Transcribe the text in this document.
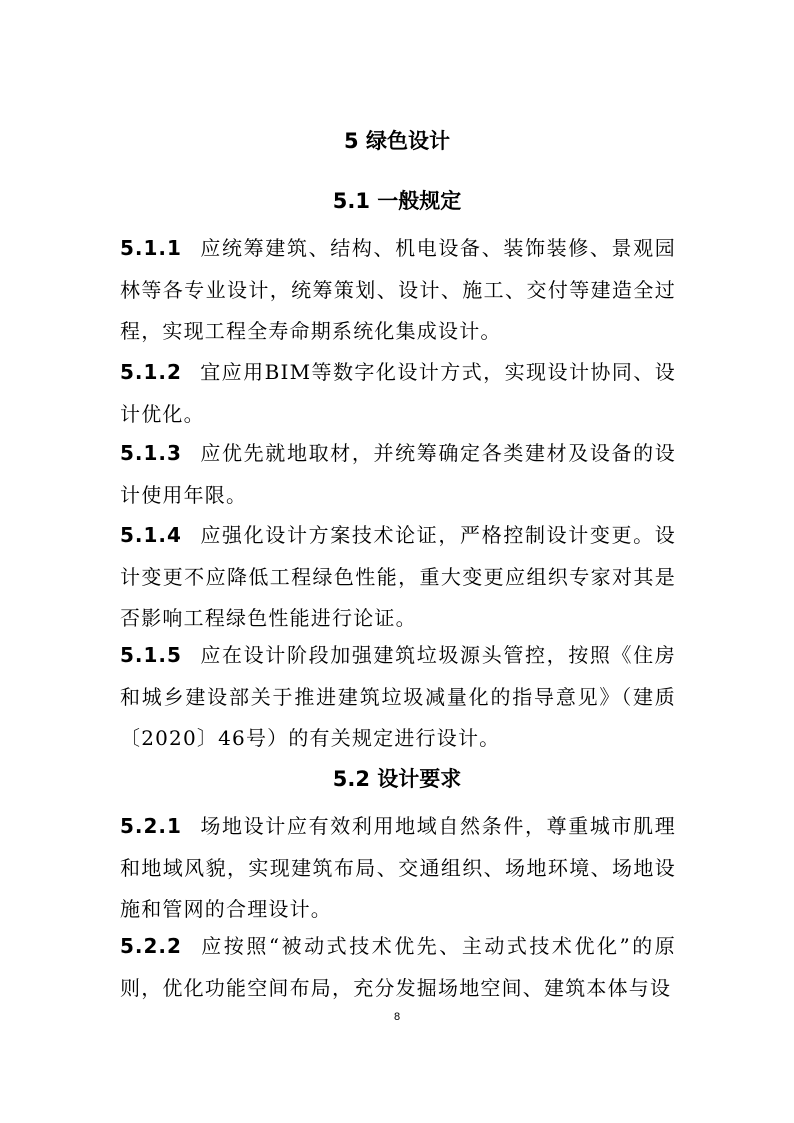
5 绿色设计
5.1 一般规定
5.1.1 应统筹建筑、结构、机电设备、装饰装修、景观园林等各专业设计，统筹策划、设计、施工、交付等建造全过程，实现工程全寿命期系统化集成设计。
5.1.2 宜应用BIM等数字化设计方式，实现设计协同、设计优化。
5.1.3 应优先就地取材，并统筹确定各类建材及设备的设计使用年限。
5.1.4 应强化设计方案技术论证，严格控制设计变更。设计变更不应降低工程绿色性能，重大变更应组织专家对其是否影响工程绿色性能进行论证。
5.1.5 应在设计阶段加强建筑垃圾源头管控，按照《住房和城乡建设部关于推进建筑垃圾减量化的指导意见》（建质〔2020〕46号）的有关规定进行设计。
5.2 设计要求
5.2.1 场地设计应有效利用地域自然条件，尊重城市肌理和地域风貌，实现建筑布局、交通组织、场地环境、场地设施和管网的合理设计。
5.2.2 应按照“被动式技术优先、主动式技术优化”的原则，优化功能空间布局，充分发掘场地空间、建筑本体与设
8
